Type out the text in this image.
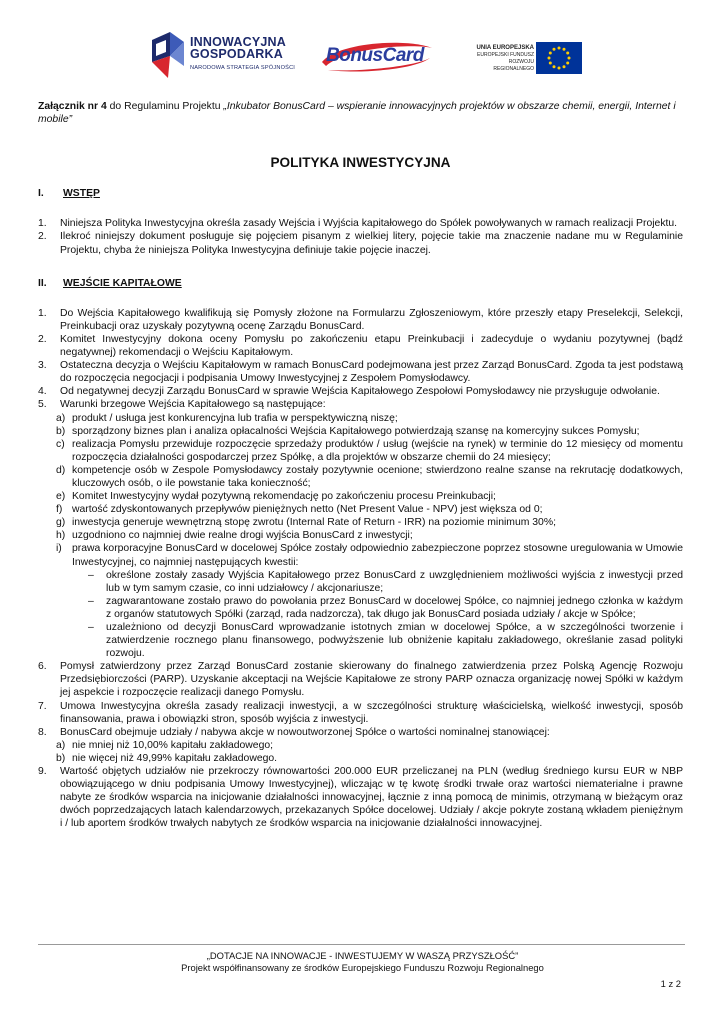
INNOWACYJNA
GOSPODARKA
NARODOWA STRATEGIA SPÓJNOŚCI
BonusCard	UNIA EUROPEJSKA
EUROPEJSKI FUNDUSZ
ROZWOJU REGIONALNEGO

Załącznik nr 4 do Regulaminu Projektu „Inkubator BonusCard – wspieranie innowacyjnych projektów w obszarze chemii, energii, Internet i mobile”

POLITYKA INWESTYCYJNA
I. WSTĘP

1. Niniejsza Polityka Inwestycyjna określa zasady Wejścia i Wyjścia kapitałowego do Spółek powoływanych w ramach realizacji Projektu.

2. Ilekroć niniejszy dokument posługuje się pojęciem pisanym z wielkiej litery, pojęcie takie ma znaczenie nadane mu w Regulaminie Projektu, chyba że niniejsza Polityka Inwestycyjna definiuje takie pojęcie inaczej.

II. WEJŚCIE KAPITAŁOWE

1. Do Wejścia Kapitałowego kwalifikują się Pomysły złożone na Formularzu Zgłoszeniowym, które przeszły etapy Preselekcji, Selekcji, Preinkubacji oraz uzyskały pozytywną ocenę Zarządu BonusCard.

2. Komitet Inwestycyjny dokona oceny Pomysłu po zakończeniu etapu Preinkubacji i zadecyduje o wydaniu pozytywnej (bądź negatywnej) rekomendacji o Wejściu Kapitałowym.

3. Ostateczna decyzja o Wejściu Kapitałowym w ramach BonusCard podejmowana jest przez Zarząd BonusCard. Zgoda ta jest podstawą do rozpoczęcia negocjacji i podpisania Umowy Inwestycyjnej z Zespołem Pomysłodawcy.

4. Od negatywnej decyzji Zarządu BonusCard w sprawie Wejścia Kapitałowego Zespołowi Pomysłodawcy nie przysługuje odwołanie.

5. Warunki brzegowe Wejścia Kapitałowego są następujące:

a) produkt / usługa jest konkurencyjna lub trafia w perspektywiczną niszę;

b) sporządzony biznes plan i analiza opłacalności Wejścia Kapitałowego potwierdzają szansę na komercyjny sukces Pomysłu;

c) realizacja Pomysłu przewiduje rozpoczęcie sprzedaży produktów / usług (wejście na rynek) w terminie do 12 miesięcy od momentu rozpoczęcia działalności gospodarczej przez Spółkę, a dla projektów w obszarze chemii do 24 miesięcy;

d) kompetencje osób w Zespole Pomysłodawcy zostały pozytywnie ocenione; stwierdzono realne szanse na rekrutację dodatkowych, kluczowych osób, o ile powstanie taka konieczność;

e) Komitet Inwestycyjny wydał pozytywną rekomendację po zakończeniu procesu Preinkubacji;

f) wartość zdyskontowanych przepływów pieniężnych netto (Net Present Value - NPV) jest większa od 0;

g) inwestycja generuje wewnętrzną stopę zwrotu (Internal Rate of Return - IRR) na poziomie minimum 30%;

h) uzgodniono co najmniej dwie realne drogi wyjścia BonusCard z inwestycji;

i) prawa korporacyjne BonusCard w docelowej Spółce zostały odpowiednio zabezpieczone poprzez stosowne uregulowania w Umowie Inwestycyjnej, co najmniej następujących kwestii:

– określone zostały zasady Wyjścia Kapitałowego przez BonusCard z uwzględnieniem możliwości wyjścia z inwestycji przed lub w tym samym czasie, co inni udziałowcy / akcjonariusze;

– zagwarantowane zostało prawo do powołania przez BonusCard w docelowej Spółce, co najmniej jednego członka w każdym z organów statutowych Spółki (zarząd, rada nadzorcza), tak długo jak BonusCard posiada udziały / akcje w Spółce;

– uzależniono od decyzji BonusCard wprowadzanie istotnych zmian w docelowej Spółce, a w szczególności tworzenie i zatwierdzenie rocznego planu finansowego, podwyższenie lub obniżenie kapitału zakładowego, określanie zasad polityki rozwoju.

6. Pomysł zatwierdzony przez Zarząd BonusCard zostanie skierowany do finalnego zatwierdzenia przez Polską Agencję Rozwoju Przedsiębiorczości (PARP). Uzyskanie akceptacji na Wejście Kapitałowe ze strony PARP oznacza organizację nowej Spółki w każdym jej aspekcie i rozpoczęcie realizacji danego Pomysłu.

7. Umowa Inwestycyjna określa zasady realizacji inwestycji, a w szczególności strukturę właścicielską, wielkość inwestycji, sposób finansowania, prawa i obowiązki stron, sposób wyjścia z inwestycji.

8. BonusCard obejmuje udziały / nabywa akcje w nowoutworzonej Spółce o wartości nominalnej stanowiącej:

a) nie mniej niż 10,00% kapitału zakładowego;

b) nie więcej niż 49,99% kapitału zakładowego.

9. Wartość objętych udziałów nie przekroczy równowartości 200.000 EUR przeliczanej na PLN (według średniego kursu EUR w NBP obowiązującego w dniu podpisania Umowy Inwestycyjnej), wliczając w tę kwotę środki trwałe oraz wartości niematerialne i prawne nabyte ze środków wsparcia na inicjowanie działalności innowacyjnej, łącznie z inną pomocą de minimis, otrzymaną w bieżącym oraz dwóch poprzedzających latach kalendarzowych, przekazanych Spółce docelowej. Udziały / akcje pokryte zostaną wkładem pieniężnym i / lub aportem środków trwałych nabytych ze środków wsparcia na inicjowanie działalności innowacyjnej.

„DOTACJE NA INNOWACJE - INWESTUJEMY W WASZĄ PRZYSZŁOŚĆ”
Projekt współfinansowany ze środków Europejskiego Funduszu Rozwoju Regionalnego
1 z 2
